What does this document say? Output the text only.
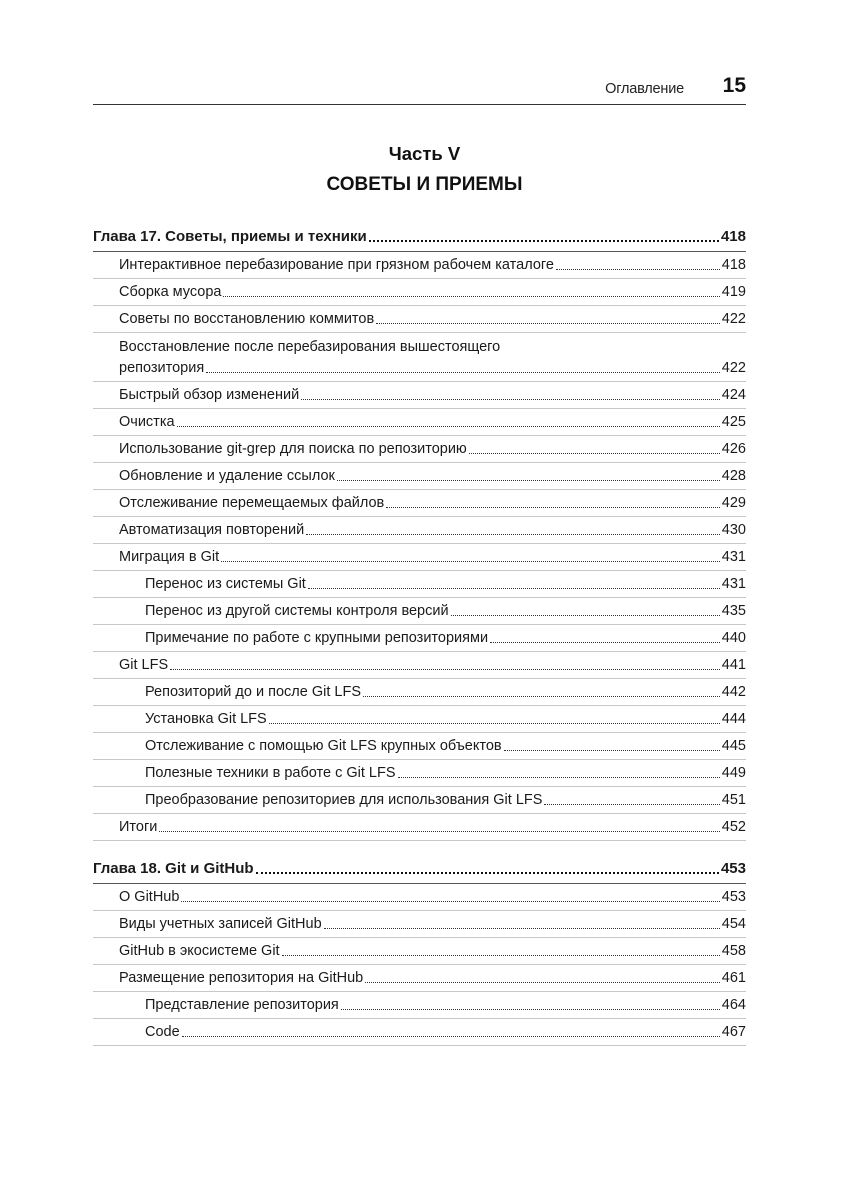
Оглавление 15
Часть V
СОВЕТЫ И ПРИЕМЫ
Глава 17. Советы, приемы и техники	418
Интерактивное перебазирование при грязном рабочем каталоге	418
Сборка мусора	419
Советы по восстановлению коммитов	422
Восстановление после перебазирования вышестоящего
репозитория	422
Быстрый обзор изменений	424
Очистка	425
Использование git-grep для поиска по репозиторию	426
Обновление и удаление ссылок	428
Отслеживание перемещаемых файлов	429
Автоматизация повторений	430
Миграция в Git	431
Перенос из системы Git	431
Перенос из другой системы контроля версий	435
Примечание по работе с крупными репозиториями	440
Git LFS	441
Репозиторий до и после Git LFS	442
Установка Git LFS	444
Отслеживание с помощью Git LFS крупных объектов	445
Полезные техники в работе с Git LFS	449
Преобразование репозиториев для использования Git LFS	451
Итоги	452
Глава 18. Git и GitHub	453
О GitHub	453
Виды учетных записей GitHub	454
GitHub в экосистеме Git	458
Размещение репозитория на GitHub	461
Представление репозитория	464
Code	467
